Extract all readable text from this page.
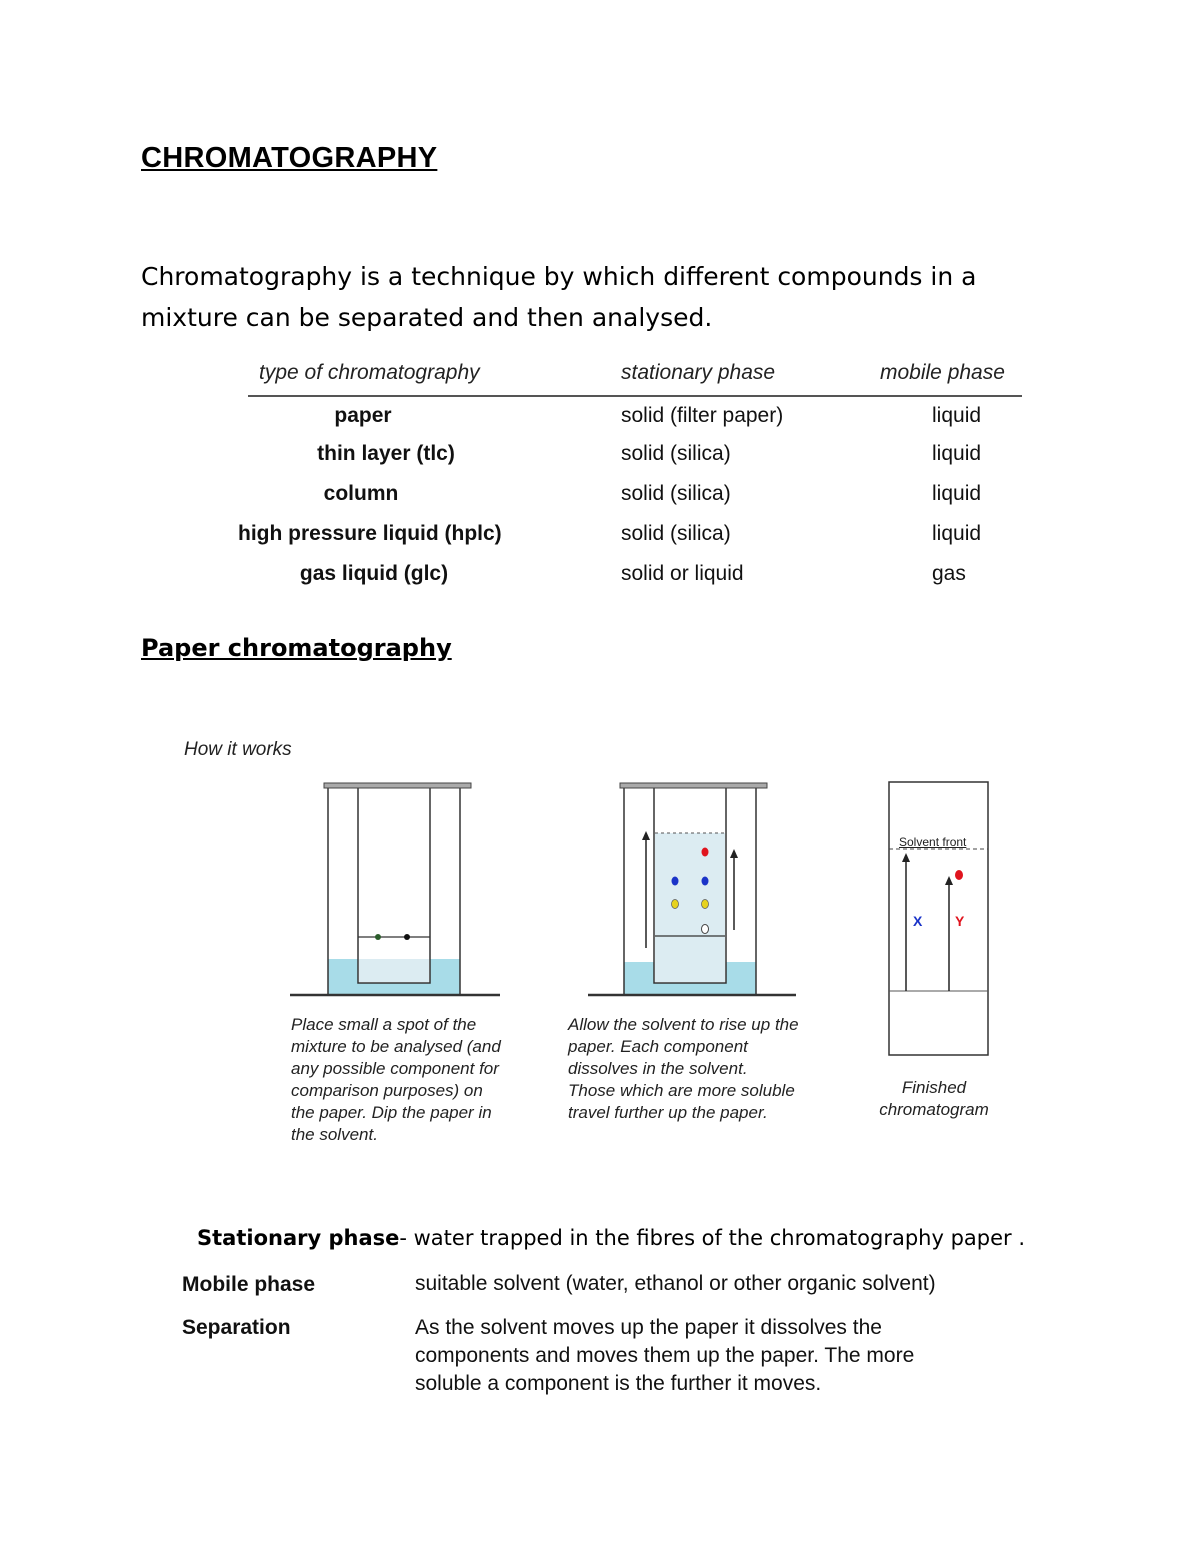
CHROMATOGRAPHY
Chromatography is a technique by which different compounds in a mixture can be separated and then analysed.
type of chromatography	stationary phase	mobile phase
paper	solid (filter paper)	liquid
thin layer (tlc)	solid (silica)	liquid
column	solid (silica)	liquid
high pressure liquid (hplc)	solid (silica)	liquid
gas liquid (glc)	solid or liquid	gas
Paper chromatography
How it works
Solvent front
X Y
Place small a spot of the
mixture to be analysed (and
any possible component for
comparison purposes) on
the paper. Dip the paper in
the solvent.
Allow the solvent to rise up the
paper. Each component
dissolves in the solvent.
Those which are more soluble
travel further up the paper.
Finished
chromatogram
Stationary phase- water trapped in the fibres of the chromatography paper .
Mobile phase	suitable solvent (water, ethanol or other organic solvent)
Separation	As the solvent moves up the paper it dissolves the
components and moves them up the paper. The more
soluble a component is the further it moves.
